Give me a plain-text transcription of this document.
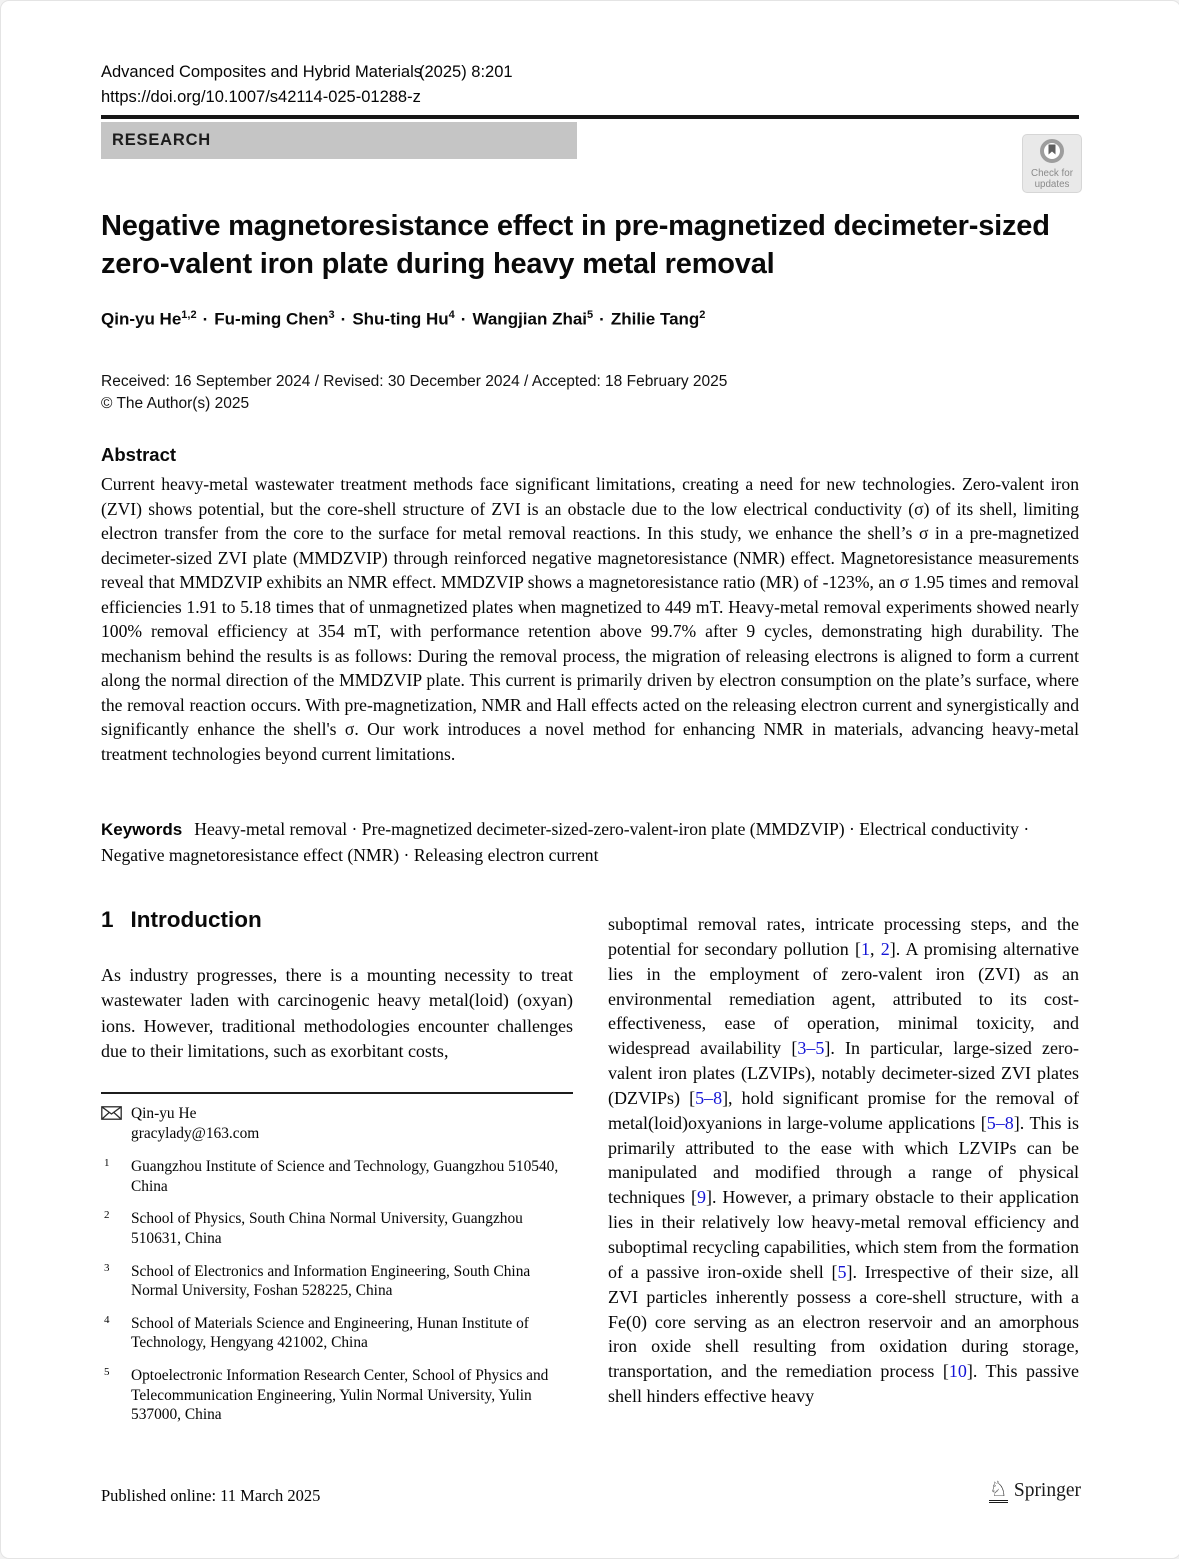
Advanced Composites and Hybrid Materials
(2025) 8:201
https://doi.org/10.1007/s42114-025-01288-z
RESEARCH
Check for
updates
Negative magnetoresistance effect in pre-magnetized decimeter-sized zero-valent iron plate during heavy metal removal
Qin-yu He$^{1,2}$ · Fu-ming Chen$^3$ · Shu-ting $Hu^4$ · Wangjian Zhai$^5$ · Zhilie Tang$^2$
Received: 16 September 2024 / Revised: 30 December 2024 / Accepted: 18 February 2025
© The Author(s) 2025
Abstract
Current heavy-metal wastewater treatment methods face significant limitations, creating a need for new technologies. Zero-valent iron (ZVI) shows potential, but the core-shell structure of ZVI is an obstacle due to the low electrical conductivity (σ) of its shell, limiting electron transfer from the core to the surface for metal removal reactions. In this study, we enhance the shell’s σ in a pre-magnetized decimeter-sized ZVI plate (MMDZVIP) through reinforced negative magnetoresistance (NMR) effect. Magnetoresistance measurements reveal that MMDZVIP exhibits an NMR effect. MMDZVIP shows a magnetoresistance ratio (MR) of -123%, an σ 1.95 times and removal efficiencies 1.91 to 5.18 times that of unmagnetized plates when magnetized to 449 mT. Heavy-metal removal experiments showed nearly 100% removal efficiency at 354 mT, with performance retention above 99.7% after 9 cycles, demonstrating high durability. The mechanism behind the results is as follows: During the removal process, the migration of releasing electrons is aligned to form a current along the normal direction of the MMDZVIP plate. This current is primarily driven by electron consumption on the plate’s surface, where the removal reaction occurs. With pre-magnetization, NMR and Hall effects acted on the releasing electron current and synergistically and significantly enhance the shell's σ. Our work introduces a novel method for enhancing NMR in materials, advancing heavy-metal treatment technologies beyond current limitations.
Keywords Heavy-metal removal · Pre-magnetized decimeter-sized-zero-valent-iron plate (MMDZVIP) · Electrical conductivity · Negative magnetoresistance effect (NMR) · Releasing electron current
1 Introduction
As industry progresses, there is a mounting necessity to treat wastewater laden with carcinogenic heavy metal(loid) (oxyan) ions. However, traditional methodologies encounter challenges due to their limitations, such as exorbitant costs,
suboptimal removal rates, intricate processing steps, and the potential for secondary pollution [1, 2]. A promising alternative lies in the employment of zero-valent iron (ZVI) as an environmental remediation agent, attributed to its cost-effectiveness, ease of operation, minimal toxicity, and widespread availability [3–5]. In particular, large-sized zero-valent iron plates (LZVIPs), notably decimeter-sized ZVI plates (DZVIPs) [5–8], hold significant promise for the removal of metal(loid)oxyanions in large-volume applications [5–8]. This is primarily attributed to the ease with which LZVIPs can be manipulated and modified through a range of physical techniques [9]. However, a primary obstacle to their application lies in their relatively low heavy-metal removal efficiency and suboptimal recycling capabilities, which stem from the formation of a passive iron-oxide shell [5]. Irrespective of their size, all ZVI particles inherently possess a core-shell structure, with a Fe(0) core serving as an electron reservoir and an amorphous iron oxide shell resulting from oxidation during storage, transportation, and the remediation process [10]. This passive shell hinders effective heavy
Qin-yu He
gracylady@163.com
1 Guangzhou Institute of Science and Technology, Guangzhou 510540, China
2 School of Physics, South China Normal University, Guangzhou 510631, China
3 School of Electronics and Information Engineering, South China Normal University, Foshan 528225, China
4 School of Materials Science and Engineering, Hunan Institute of Technology, Hengyang 421002, China
5 Optoelectronic Information Research Center, School of Physics and Telecommunication Engineering, Yulin Normal University, Yulin 537000, China
Published online: 11 March 2025	♘ Springer
